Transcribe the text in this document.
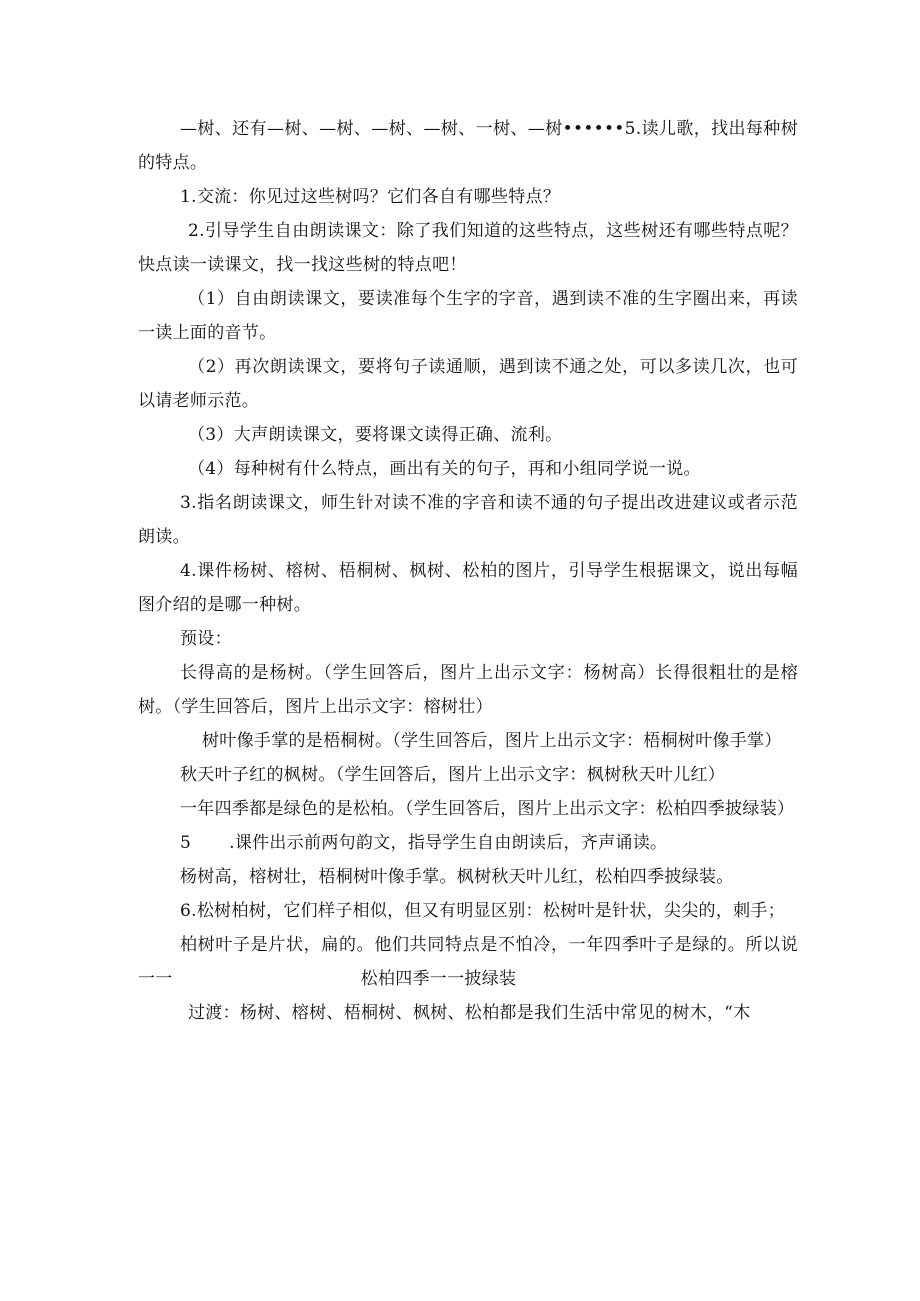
—树、还有—树、—树、—树、—树、一树、—树••••••5.读儿歌，找出每种树的特点。

1.交流：你见过这些树吗？它们各自有哪些特点？

2.引导学生自由朗读课文：除了我们知道的这些特点，这些树还有哪些特点呢？快点读一读课文，找一找这些树的特点吧！

（1）自由朗读课文，要读准每个生字的字音，遇到读不准的生字圈出来，再读一读上面的音节。

（2）再次朗读课文，要将句子读通顺，遇到读不通之处，可以多读几次，也可以请老师示范。

（3）大声朗读课文，要将课文读得正确、流利。

（4）每种树有什么特点，画出有关的句子，再和小组同学说一说。

3.指名朗读课文，师生针对读不准的字音和读不通的句子提出改进建议或者示范朗读。

4.课件杨树、榕树、梧桐树、枫树、松柏的图片，引导学生根据课文，说出每幅图介绍的是哪一种树。

预设：

长得高的是杨树。（学生回答后，图片上出示文字：杨树高）长得很粗壮的是榕树。（学生回答后，图片上出示文字：榕树壮）

树叶像手掌的是梧桐树。（学生回答后，图片上出示文字：梧桐树叶像手掌）

秋天叶子红的枫树。（学生回答后，图片上出示文字：枫树秋天叶儿红）

一年四季都是绿色的是松柏。（学生回答后，图片上出示文字：松柏四季披绿装）

5 .课件出示前两句韵文，指导学生自由朗读后，齐声诵读。

杨树高，榕树壮，梧桐树叶像手掌。枫树秋天叶儿红，松柏四季披绿装。

6.松树柏树，它们样子相似，但又有明显区别：松树叶是针状，尖尖的，刺手；

柏树叶子是片状，扁的。他们共同特点是不怕冷，一年四季叶子是绿的。所以说一一	松柏四季一一披绿装

过渡：杨树、榕树、梧桐树、枫树、松柏都是我们生活中常见的树木，“木
